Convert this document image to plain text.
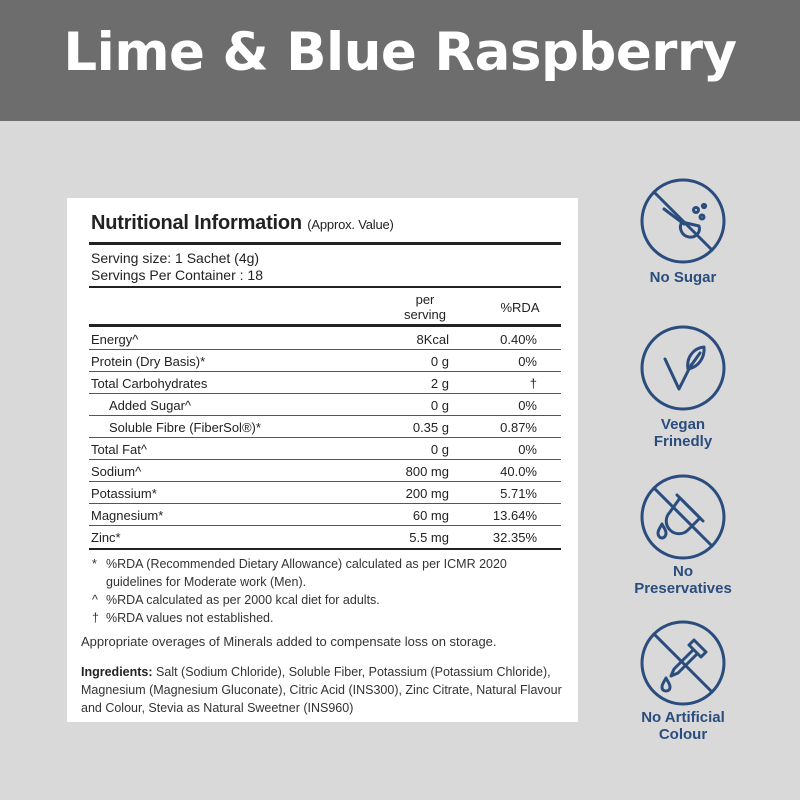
Lime & Blue Raspberry
Nutritional Information (Approx. Value)
Serving size: 1 Sachet (4g)
Servings Per Container : 18
per
serving	%RDA
Energy^	8Kcal	0.40%
Protein (Dry Basis)*	0 g	0%
Total Carbohydrates	2 g	†
Added Sugar^	0 g	0%
Soluble Fibre (FiberSol®)*	0.35 g	0.87%
Total Fat^	0 g	0%
Sodium^	800 mg	40.0%
Potassium*	200 mg	5.71%
Magnesium*	60 mg	13.64%
Zinc*	5.5 mg	32.35%
* %RDA (Recommended Dietary Allowance) calculated as per ICMR 2020 guidelines for Moderate work (Men).
^ %RDA calculated as per 2000 kcal diet for adults.
† %RDA values not established.
Appropriate overages of Minerals added to compensate loss on storage.
Ingredients: Salt (Sodium Chloride), Soluble Fiber, Potassium (Potassium Chloride), Magnesium (Magnesium Gluconate), Citric Acid (INS300), Zinc Citrate, Natural Flavour and Colour, Stevia as Natural Sweetner (INS960)
No Sugar
Vegan
Frinedly
No
Preservatives
No Artificial
Colour
